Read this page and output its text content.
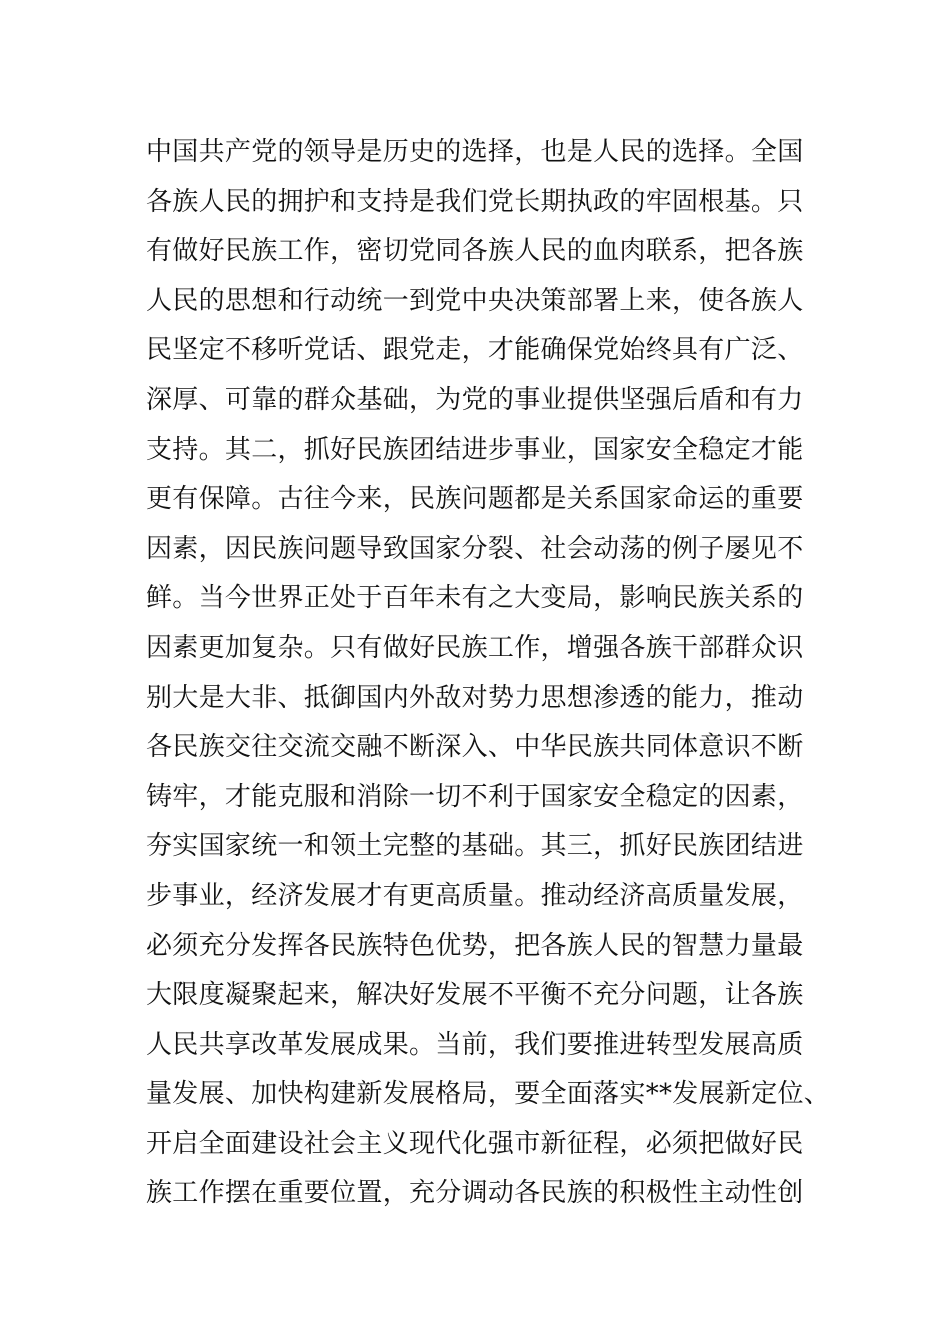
中国共产党的领导是历史的选择，也是人民的选择。全国
各族人民的拥护和支持是我们党长期执政的牢固根基。只
有做好民族工作，密切党同各族人民的血肉联系，把各族
人民的思想和行动统一到党中央决策部署上来，使各族人
民坚定不移听党话、跟党走，才能确保党始终具有广泛、
深厚、可靠的群众基础，为党的事业提供坚强后盾和有力
支持。其二，抓好民族团结进步事业，国家安全稳定才能
更有保障。古往今来，民族问题都是关系国家命运的重要
因素，因民族问题导致国家分裂、社会动荡的例子屡见不
鲜。当今世界正处于百年未有之大变局，影响民族关系的
因素更加复杂。只有做好民族工作，增强各族干部群众识
别大是大非、抵御国内外敌对势力思想渗透的能力，推动
各民族交往交流交融不断深入、中华民族共同体意识不断
铸牢，才能克服和消除一切不利于国家安全稳定的因素，
夯实国家统一和领土完整的基础。其三，抓好民族团结进
步事业，经济发展才有更高质量。推动经济高质量发展，
必须充分发挥各民族特色优势，把各族人民的智慧力量最
大限度凝聚起来，解决好发展不平衡不充分问题，让各族
人民共享改革发展成果。当前，我们要推进转型发展高质
量发展、加快构建新发展格局，要全面落实**发展新定位、
开启全面建设社会主义现代化强市新征程，必须把做好民
族工作摆在重要位置，充分调动各民族的积极性主动性创
